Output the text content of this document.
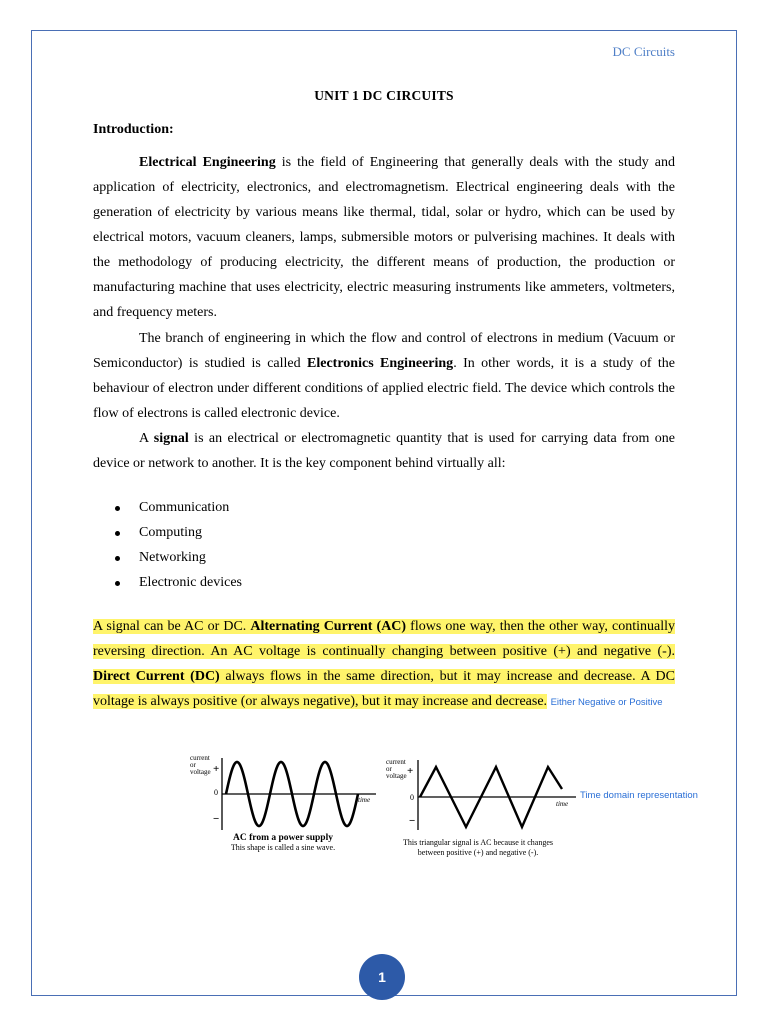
DC Circuits
UNIT 1 DC CIRCUITS
Introduction:
Electrical Engineering is the field of Engineering that generally deals with the study and application of electricity, electronics, and electromagnetism. Electrical engineering deals with the generation of electricity by various means like thermal, tidal, solar or hydro, which can be used by electrical motors, vacuum cleaners, lamps, submersible motors or pulverising machines. It deals with the methodology of producing electricity, the different means of production, the production or manufacturing machine that uses electricity, electric measuring instruments like ammeters, voltmeters, and frequency meters.
The branch of engineering in which the flow and control of electrons in medium (Vacuum or Semiconductor) is studied is called Electronics Engineering. In other words, it is a study of the behaviour of electron under different conditions of applied electric field. The device which controls the flow of electrons is called electronic device.
A signal is an electrical or electromagnetic quantity that is used for carrying data from one device or network to another. It is the key component behind virtually all:
Communication
Computing
Networking
Electronic devices
A signal can be AC or DC. Alternating Current (AC) flows one way, then the other way, continually reversing direction. An AC voltage is continually changing between positive (+) and negative (-). Direct Current (DC) always flows in the same direction, but it may increase and decrease. A DC voltage is always positive (or always negative), but it may increase and decrease. Either Negative or Positive
current
or
voltage +
0
−
time
current
or
voltage +
0
−
time
Time domain representation
AC from a power supply
This shape is called a sine wave.
This triangular signal is AC because it changes
between positive (+) and negative (-).
1
